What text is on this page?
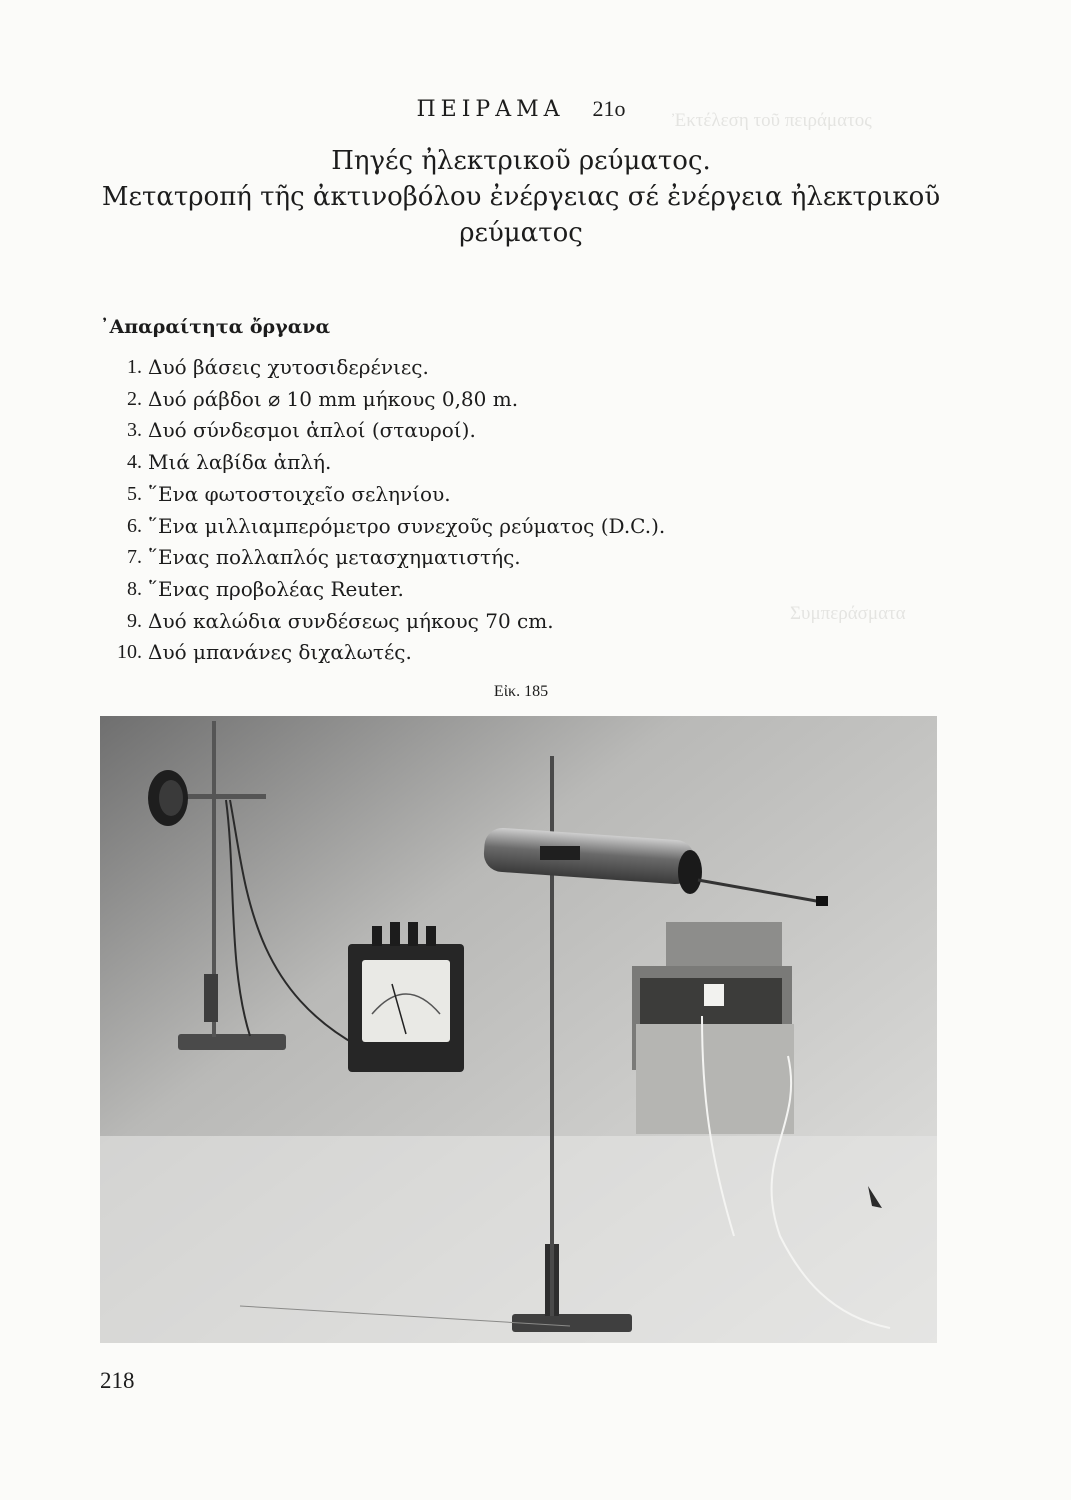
Ἐκτέλεση τοῦ πειράματος
Συμπεράσματα
ΠΕΙΡΑΜΑ 21ο
Πηγές ἠλεκτρικοῦ ρεύματος.
Μετατροπή τῆς ἀκτινοβόλου ἐνέργειας σέ ἐνέργεια ἠλεκτρικοῦ
ρεύματος
᾿Απαραίτητα ὄργανα
1. Δυό βάσεις χυτοσιδερένιες.
2. Δυό ράβδοι ⌀ 10 mm μήκους 0,80 m.
3. Δυό σύνδεσμοι ἁπλοί (σταυροί).
4. Μιά λαβίδα ἁπλή.
5. ῞Ενα φωτοστοιχεῖο σεληνίου.
6. ῞Ενα μιλλιαμπερόμετρο συνεχοῦς ρεύματος (D.C.).
7. ῞Ενας πολλαπλός μετασχηματιστής.
8. ῞Ενας προβολέας Reuter.
9. Δυό καλώδια συνδέσεως μήκους 70 cm.
10. Δυό μπανάνες διχαλωτές.
Εἰκ. 185
218
